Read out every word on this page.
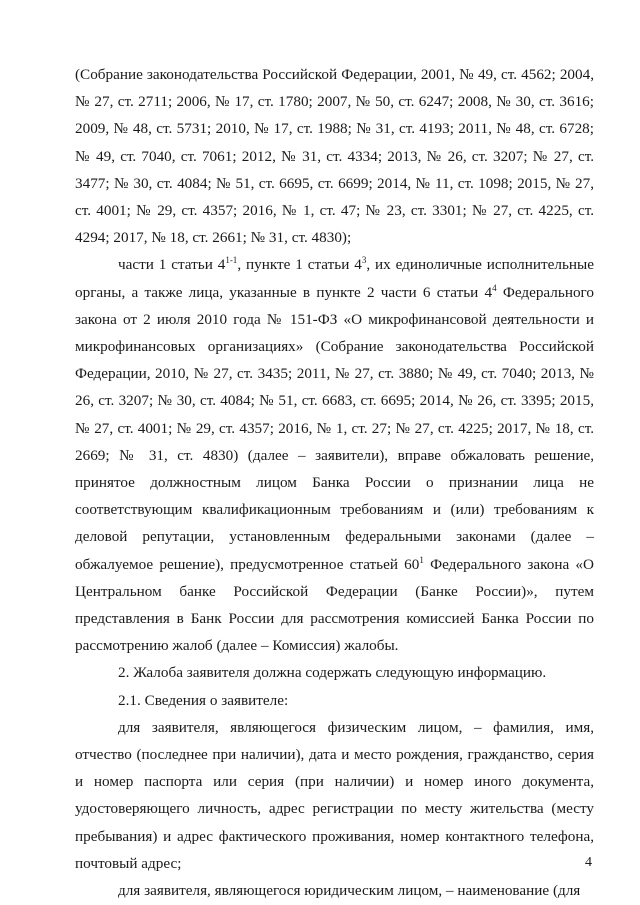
(Собрание законодательства Российской Федерации, 2001, № 49, ст. 4562; 2004, № 27, ст. 2711; 2006, № 17, ст. 1780; 2007, № 50, ст. 6247; 2008, № 30, ст. 3616; 2009, № 48, ст. 5731; 2010, № 17, ст. 1988; № 31, ст. 4193; 2011, № 48, ст. 6728; № 49, ст. 7040, ст. 7061; 2012, № 31, ст. 4334; 2013, № 26, ст. 3207; № 27, ст. 3477; № 30, ст. 4084; № 51, ст. 6695, ст. 6699; 2014, № 11, ст. 1098; 2015, № 27, ст. 4001; № 29, ст. 4357; 2016, № 1, ст. 47; № 23, ст. 3301; № 27, ст. 4225, ст. 4294; 2017, № 18, ст. 2661; № 31, ст. 4830);

части 1 статьи 4$^{1-1}$, пункте 1 статьи $4^3$, их единоличные исполнительные органы, а также лица, указанные в пункте 2 части 6 статьи $4^4$ Федерального закона от 2 июля 2010 года № 151-ФЗ «О микрофинансовой деятельности и микрофинансовых организациях» (Собрание законодательства Российской Федерации, 2010, № 27, ст. 3435; 2011, № 27, ст. 3880; № 49, ст. 7040; 2013, № 26, ст. 3207; № 30, ст. 4084; № 51, ст. 6683, ст. 6695; 2014, № 26, ст. 3395; 2015, № 27, ст. 4001; № 29, ст. 4357; 2016, № 1, ст. 27; № 27, ст. 4225; 2017, № 18, ст. 2669; № 31, ст. 4830) (далее – заявители), вправе обжаловать решение, принятое должностным лицом Банка России о признании лица не соответствующим квалификационным требованиям и (или) требованиям к деловой репутации, установленным федеральными законами (далее – обжалуемое решение), предусмотренное статьей $60^1$ Федерального закона «О Центральном банке Российской Федерации (Банке России)», путем представления в Банк России для рассмотрения комиссией Банка России по рассмотрению жалоб (далее – Комиссия) жалобы.

2. Жалоба заявителя должна содержать следующую информацию.

2.1. Сведения о заявителе:

для заявителя, являющегося физическим лицом, – фамилия, имя, отчество (последнее при наличии), дата и место рождения, гражданство, серия и номер паспорта или серия (при наличии) и номер иного документа, удостоверяющего личность, адрес регистрации по месту жительства (месту пребывания) и адрес фактического проживания, номер контактного телефона, почтовый адрес;

для заявителя, являющегося юридическим лицом, – наименование (для

4
